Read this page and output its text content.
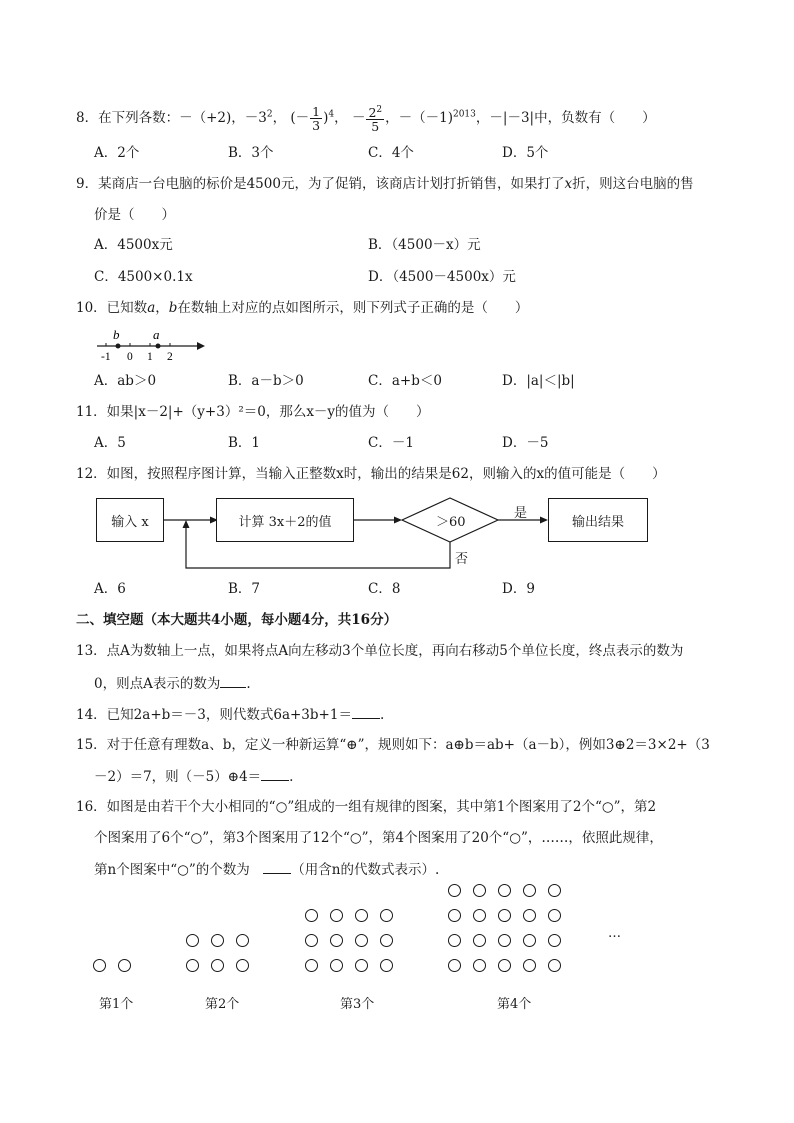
8．在下列各数：－（+2)，$-3^2$， (－ $\frac{1}{3} )^4$， － $\frac{2^2}{5}$ ，－（－1)$^{2013}$，－|－3|中，负数有（　　）
A．2个	B．3个	C．4个	D．5个
9．某商店一台电脑的标价是4500元，为了促销，该商店计划打折销售，如果打了x折，则这台电脑的售
价是（　　）
A．4500x元	B．（4500－x）元
C．4500×0.1x	D．（4500－4500x）元
10．已知数a，b在数轴上对应的点如图所示，则下列式子正确的是（　　）
b	a
-1 0 1 2
A．ab＞0	B．a－b＞0	C．a+b＜0	D．|a|＜|b|
11．如果|x－2|+（y+3）²＝0，那么x－y的值为（　　）
A．5	B．1	C．－1	D．－5
12．如图，按照程序图计算，当输入正整数x时，输出的结果是62，则输入的x的值可能是（　　）
输入 x	计算 3x＋2的值	＞60
是
否
输出结果
A．6	B．7	C．8	D．9
二、填空题（本大题共4小题，每小题4分，共16分）
13．点A为数轴上一点，如果将点A向左移动3个单位长度，再向右移动5个单位长度，终点表示的数为
0，则点A表示的数为 .
14．已知2a+b＝－3，则代数式6a+3b+1＝ .
15．对于任意有理数a、b，定义一种新运算“⊕”，规则如下：a⊕b＝ab+（a－b），例如3⊕2＝3×2+（3
－2）＝7，则（－5）⊕4＝ .
16．如图是由若干个大小相同的“○”组成的一组有规律的图案，其中第1个图案用了2个“○”，第2
个图案用了6个“○”，第3个图案用了12个“○”，第4个图案用了20个“○”，……，依照此规律，
第n个图案中“○”的个数为　	（用含n的代数式表示）.
…
第1个	第2个	第3个	第4个
